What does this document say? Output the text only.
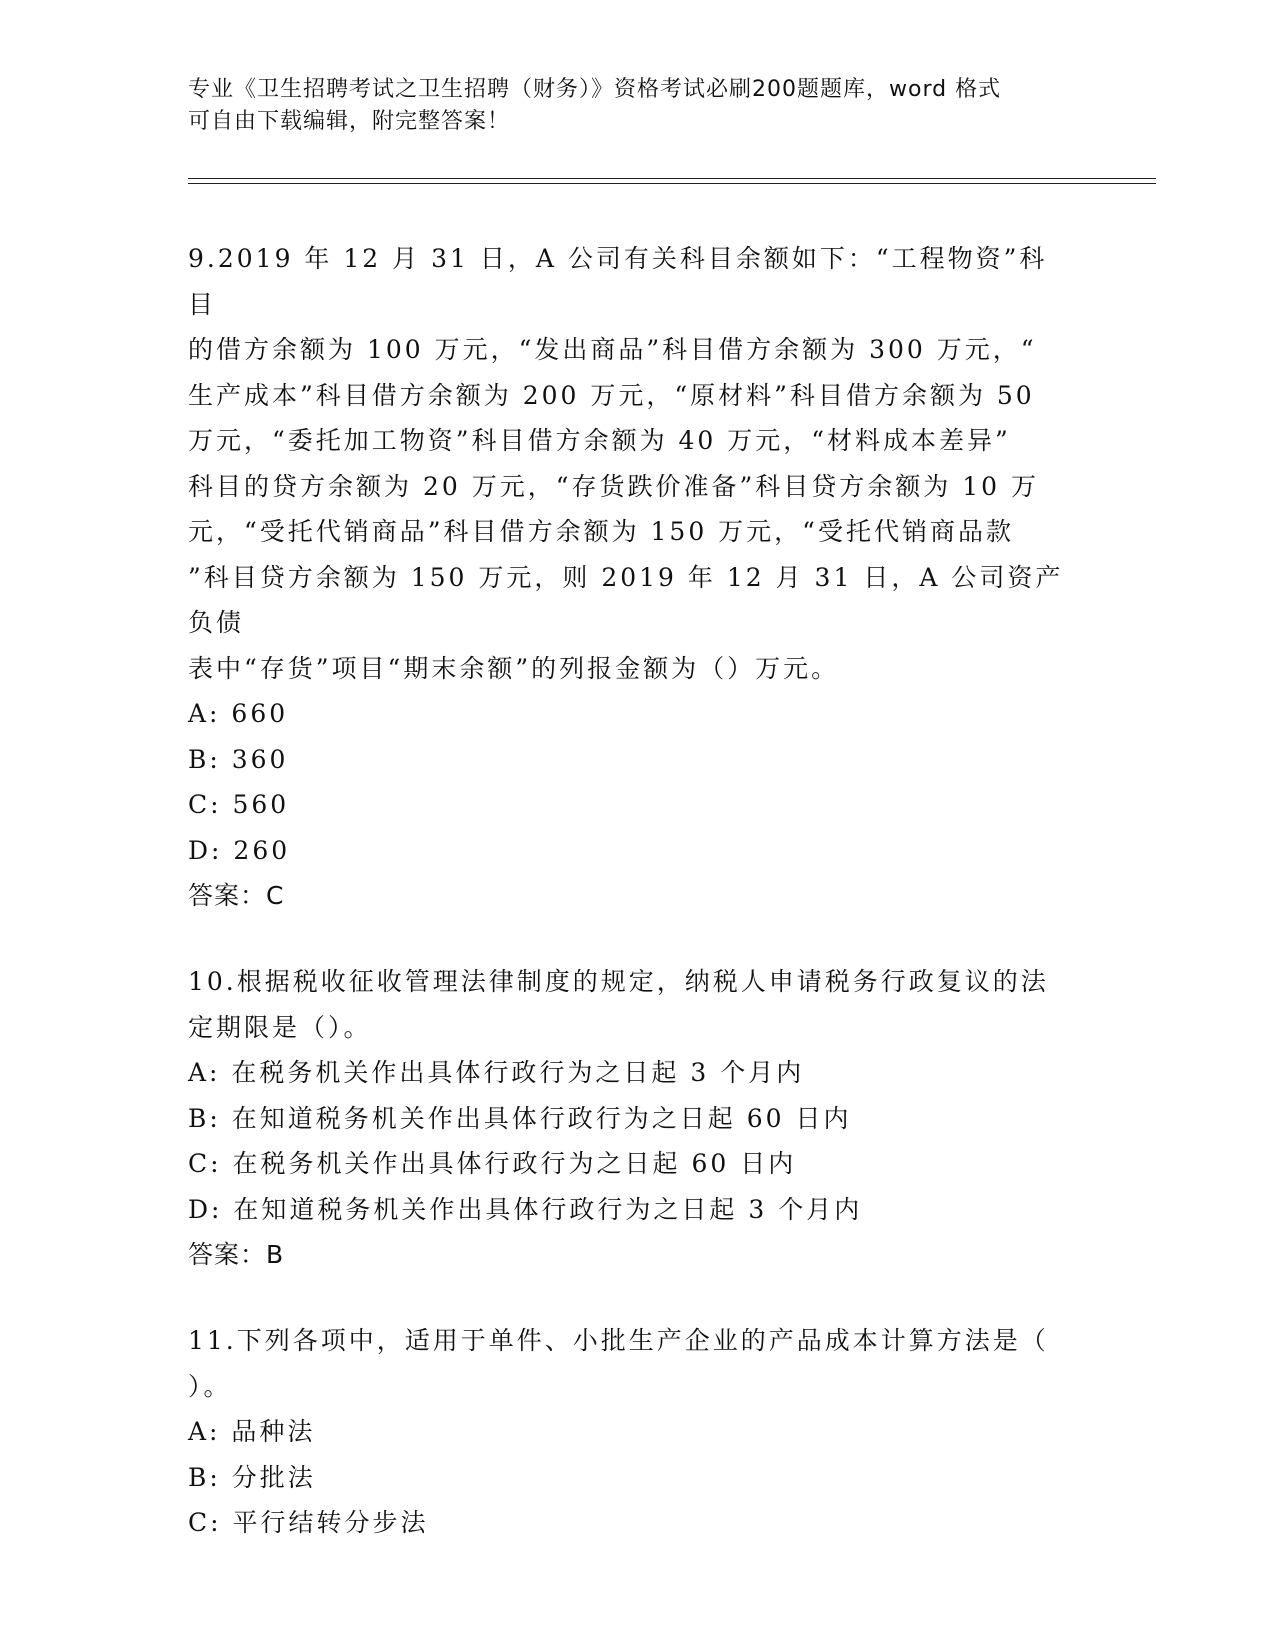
专业《卫生招聘考试之卫生招聘（财务）》资格考试必刷200题题库，word 格式
可自由下载编辑，附完整答案！

9.2019 年 12 月 31 日，A 公司有关科目余额如下：“工程物资”科目

的借方余额为 100 万元，“发出商品”科目借方余额为 300 万元，“

生产成本”科目借方余额为 200 万元，“原材料”科目借方余额为 50

万元，“委托加工物资”科目借方余额为 40 万元，“材料成本差异”

科目的贷方余额为 20 万元，“存货跌价准备”科目贷方余额为 10 万

元，“受托代销商品”科目借方余额为 150 万元，“受托代销商品款

”科目贷方余额为 150 万元，则 2019 年 12 月 31 日，A 公司资产负债

表中“存货”项目“期末余额”的列报金额为（）万元。

A: 660

B: 360

C: 560

D: 260

答案：C

10.根据税收征收管理法律制度的规定，纳税人申请税务行政复议的法

定期限是（）。

A: 在税务机关作出具体行政行为之日起 3 个月内

B: 在知道税务机关作出具体行政行为之日起 60 日内

C: 在税务机关作出具体行政行为之日起 60 日内

D: 在知道税务机关作出具体行政行为之日起 3 个月内

答案：B

11.下列各项中，适用于单件、小批生产企业的产品成本计算方法是（

）。

A: 品种法

B: 分批法

C: 平行结转分步法
